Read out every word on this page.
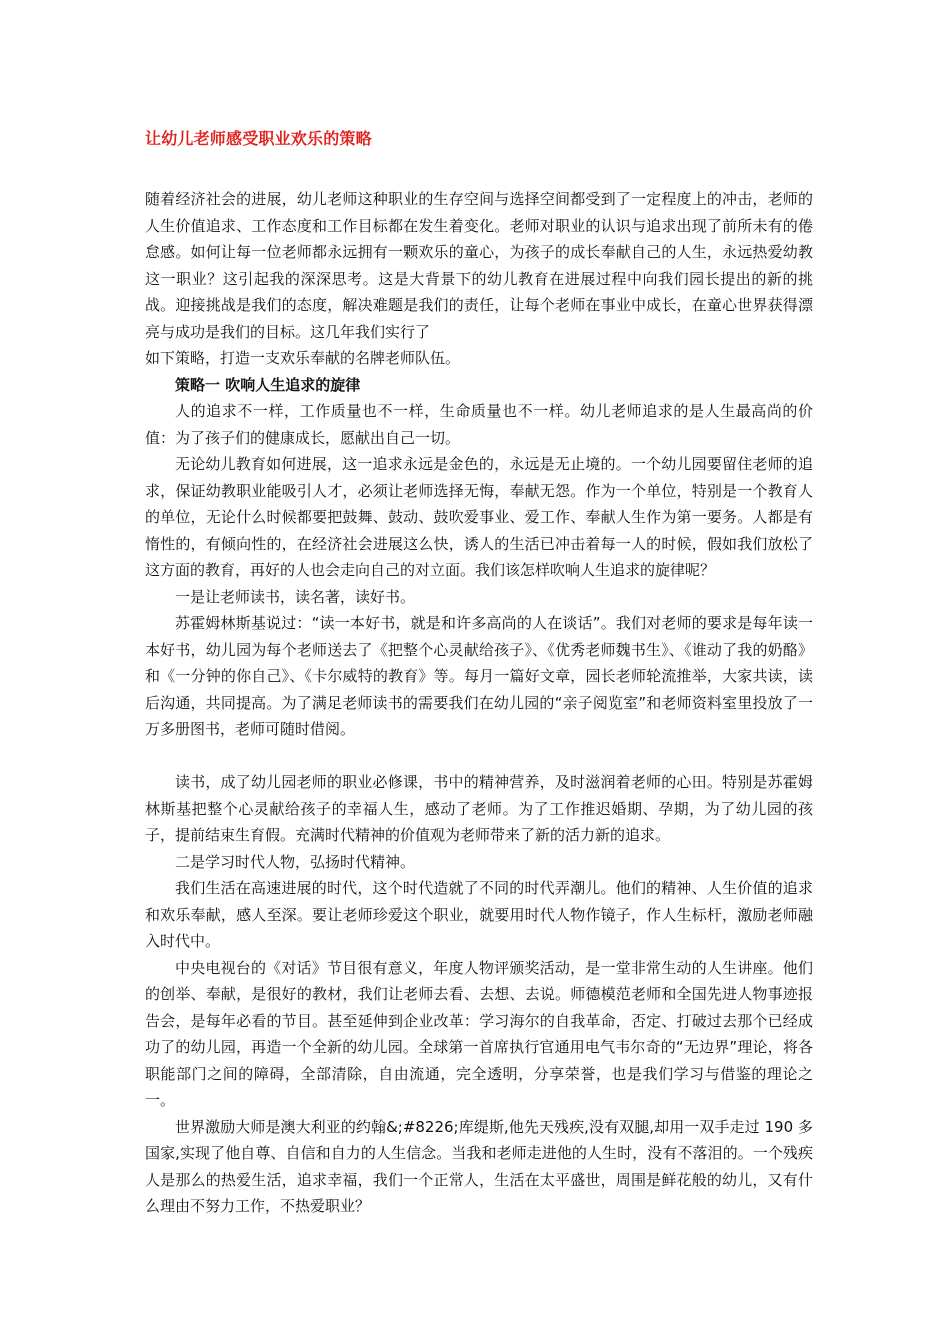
让幼儿老师感受职业欢乐的策略

随着经济社会的进展，幼儿老师这种职业的生存空间与选择空间都受到了一定程度上的冲击，老师的人生价值追求、工作态度和工作目标都在发生着变化。老师对职业的认识与追求出现了前所未有的倦怠感。如何让每一位老师都永远拥有一颗欢乐的童心，为孩子的成长奉献自己的人生，永远热爱幼教这一职业？这引起我的深深思考。这是大背景下的幼儿教育在进展过程中向我们园长提出的新的挑战。迎接挑战是我们的态度，解决难题是我们的责任，让每个老师在事业中成长，在童心世界获得漂亮与成功是我们的目标。这几年我们实行了

如下策略，打造一支欢乐奉献的名牌老师队伍。

策略一 吹响人生追求的旋律

人的追求不一样，工作质量也不一样，生命质量也不一样。幼儿老师追求的是人生最高尚的价值：为了孩子们的健康成长，愿献出自己一切。

无论幼儿教育如何进展，这一追求永远是金色的，永远是无止境的。一个幼儿园要留住老师的追求，保证幼教职业能吸引人才，必须让老师选择无悔，奉献无怨。作为一个单位，特别是一个教育人的单位，无论什么时候都要把鼓舞、鼓动、鼓吹爱事业、爱工作、奉献人生作为第一要务。人都是有惰性的，有倾向性的，在经济社会进展这么快，诱人的生活已冲击着每一人的时候，假如我们放松了这方面的教育，再好的人也会走向自己的对立面。我们该怎样吹响人生追求的旋律呢？

一是让老师读书，读名著，读好书。

苏霍姆林斯基说过：“读一本好书，就是和许多高尚的人在谈话”。我们对老师的要求是每年读一本好书，幼儿园为每个老师送去了《把整个心灵献给孩子》、《优秀老师魏书生》、《谁动了我的奶酪》和《一分钟的你自己》、《卡尔威特的教育》等。每月一篇好文章，园长老师轮流推举，大家共读，读后沟通，共同提高。为了满足老师读书的需要我们在幼儿园的“亲子阅览室”和老师资料室里投放了一万多册图书，老师可随时借阅。

读书，成了幼儿园老师的职业必修课，书中的精神营养，及时滋润着老师的心田。特别是苏霍姆林斯基把整个心灵献给孩子的幸福人生，感动了老师。为了工作推迟婚期、孕期，为了幼儿园的孩子，提前结束生育假。充满时代精神的价值观为老师带来了新的活力新的追求。

二是学习时代人物，弘扬时代精神。

我们生活在高速进展的时代，这个时代造就了不同的时代弄潮儿。他们的精神、人生价值的追求和欢乐奉献，感人至深。要让老师珍爱这个职业，就要用时代人物作镜子，作人生标杆，激励老师融入时代中。

中央电视台的《对话》节目很有意义，年度人物评颁奖活动，是一堂非常生动的人生讲座。他们的创举、奉献，是很好的教材，我们让老师去看、去想、去说。师德模范老师和全国先进人物事迹报告会，是每年必看的节目。甚至延伸到企业改革：学习海尔的自我革命，否定、打破过去那个已经成功了的幼儿园，再造一个全新的幼儿园。全球第一首席执行官通用电气韦尔奇的“无边界”理论，将各职能部门之间的障碍，全部清除，自由流通，完全透明，分享荣誉，也是我们学习与借鉴的理论之一。

世界激励大师是澳大利亚的约翰&;#8226;库缇斯,他先天残疾,没有双腿,却用一双手走过 190 多国家,实现了他自尊、自信和自力的人生信念。当我和老师走进他的人生时，没有不落泪的。一个残疾人是那么的热爱生活，追求幸福，我们一个正常人，生活在太平盛世，周围是鲜花般的幼儿，又有什么理由不努力工作，不热爱职业？
